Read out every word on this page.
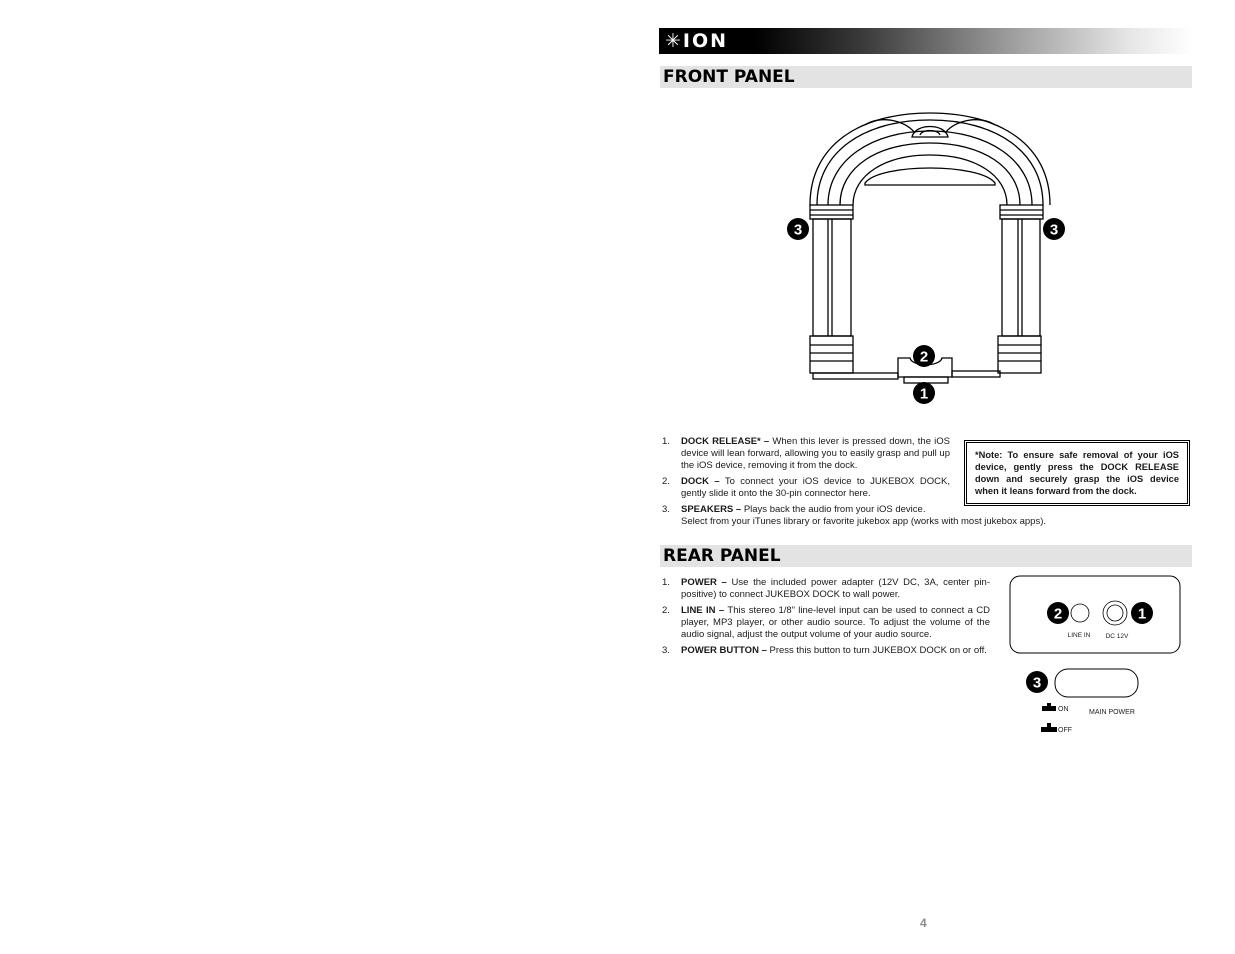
✳ION
FRONT PANEL
3	3
2
1
1. DOCK RELEASE* – When this lever is pressed down, the iOS device will lean forward, allowing you to easily grasp and pull up the iOS device, removing it from the dock.
2. DOCK – To connect your iOS device to JUKEBOX DOCK, gently slide it onto the 30-pin connector here.
3. SPEAKERS – Plays back the audio from your iOS device.
Select from your iTunes library or favorite jukebox app (works with most jukebox apps).
*Note: To ensure safe removal of your iOS device, gently press the DOCK RELEASE down and securely grasp the iOS device when it leans forward from the dock.
REAR PANEL
1. POWER – Use the included power adapter (12V DC, 3A, center pin-positive) to connect JUKEBOX DOCK to wall power.
2. LINE IN – This stereo 1/8” line-level input can be used to connect a CD player, MP3 player, or other audio source. To adjust the volume of the audio signal, adjust the output volume of your audio source.
3. POWER BUTTON – Press this button to turn JUKEBOX DOCK on or off.
LINE IN DC 12V
2	1
3
ON	MAIN POWER
OFF
4
